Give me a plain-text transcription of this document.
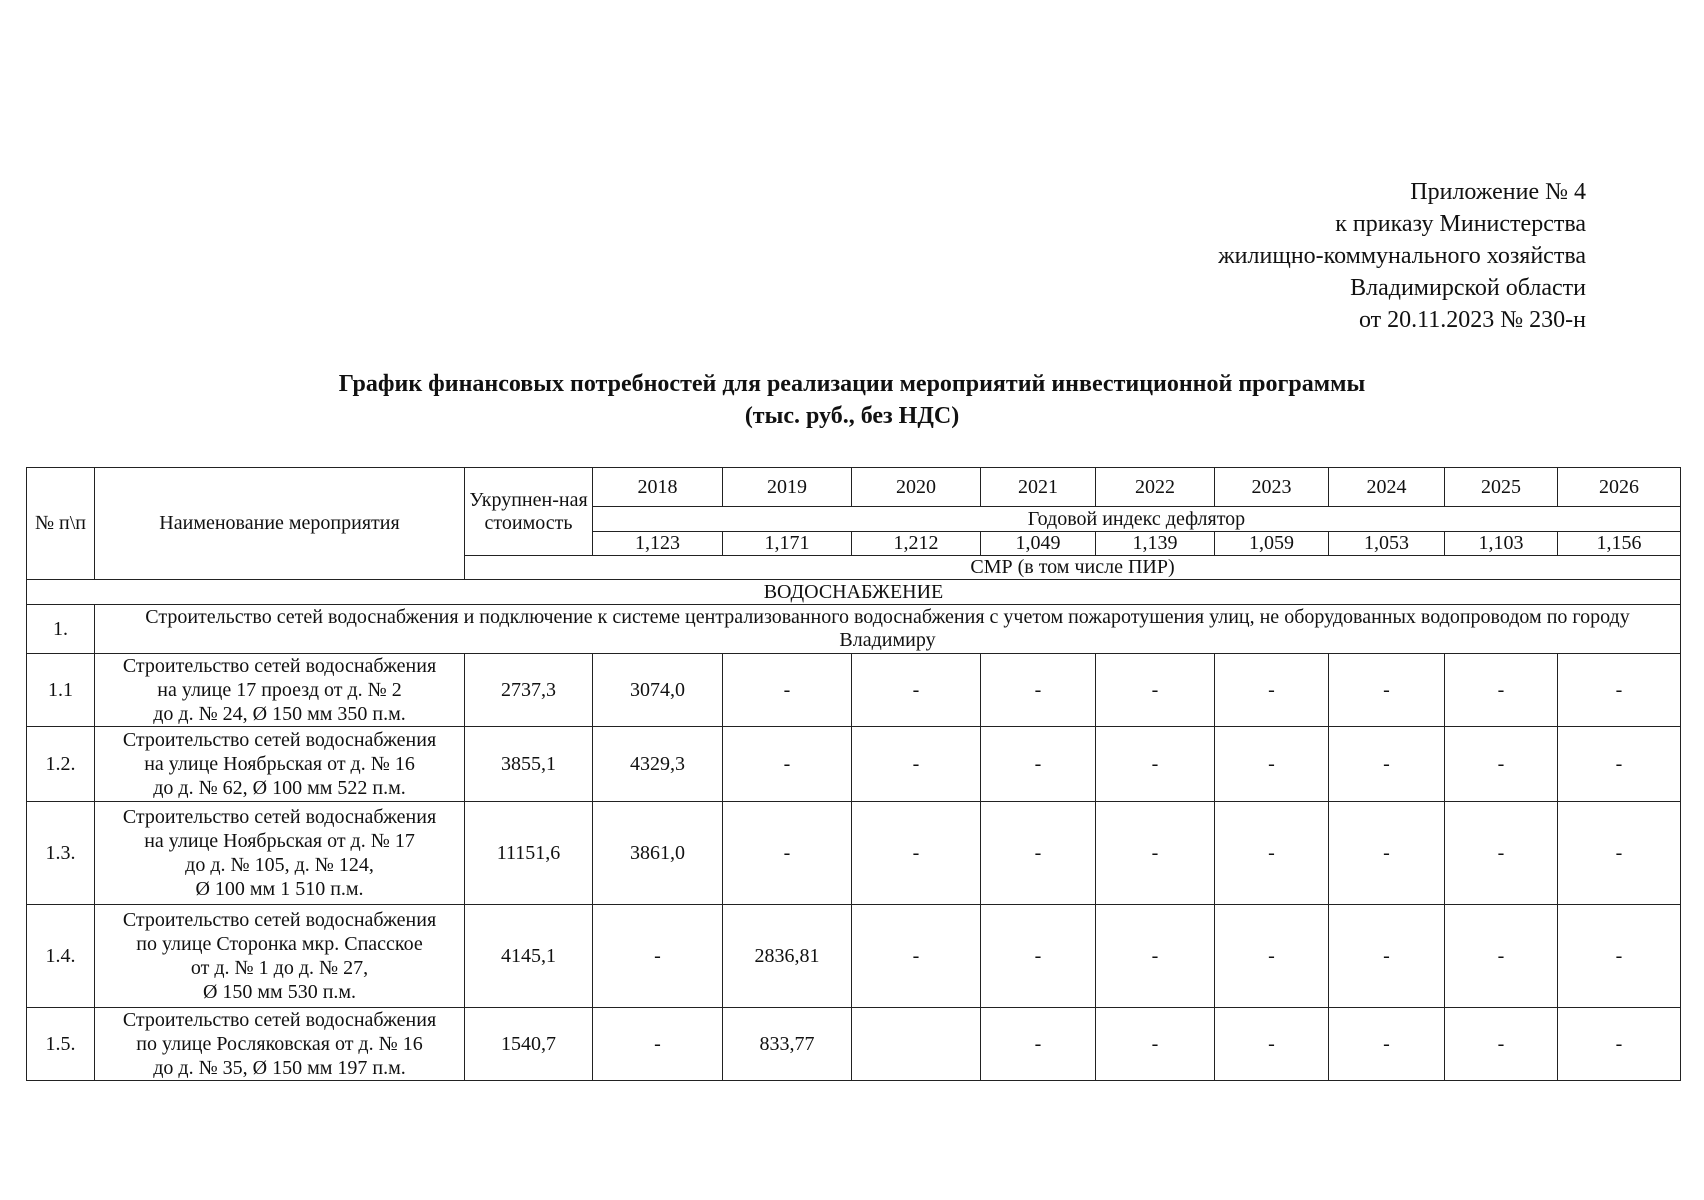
Приложение № 4
к приказу Министерства
жилищно-коммунального хозяйства
Владимирской области
от 20.11.2023 № 230-н
График финансовых потребностей для реализации мероприятий инвестиционной программы
(тыс. руб., без НДС)
№ п\п	Наименование мероприятия	Укрупнен-ная стоимость	2018	2019	2020	2021	2022	2023	2024	2025	2026
			Годовой индекс дефлятор								
			1,123	1,171	1,212	1,049	1,139	1,059	1,053	1,103	1,156
		СМР (в том числе ПИР)									
ВОДОСНАБЖЕНИЕ											
1.	Строительство сетей водоснабжения и подключение к системе централизованного водоснабжения с учетом пожаротушения улиц, не оборудованных водопроводом по городу Владимиру										
1.1	Строительство сетей водоснабжения
на улице 17 проезд от д. № 2
до д. № 24, Ø 150 мм 350 п.м.	2737,3	3074,0	-	-	-	-	-	-	-	-
1.2.	Строительство сетей водоснабжения
на улице Ноябрьская от д. № 16
до д. № 62, Ø 100 мм 522 п.м.	3855,1	4329,3	-	-	-	-	-	-	-	-
1.3.	Строительство сетей водоснабжения
на улице Ноябрьская от д. № 17
до д. № 105, д. № 124,
Ø 100 мм 1 510 п.м.	11151,6	3861,0	-	-	-	-	-	-	-	-
1.4.	Строительство сетей водоснабжения
по улице Сторонка мкр. Спасское
от д. № 1 до д. № 27,
Ø 150 мм 530 п.м.	4145,1	-	2836,81	-	-	-	-	-	-	-
1.5.	Строительство сетей водоснабжения
по улице Росляковская от д. № 16
до д. № 35, Ø 150 мм 197 п.м.	1540,7	-	833,77		-	-	-	-	-	-
